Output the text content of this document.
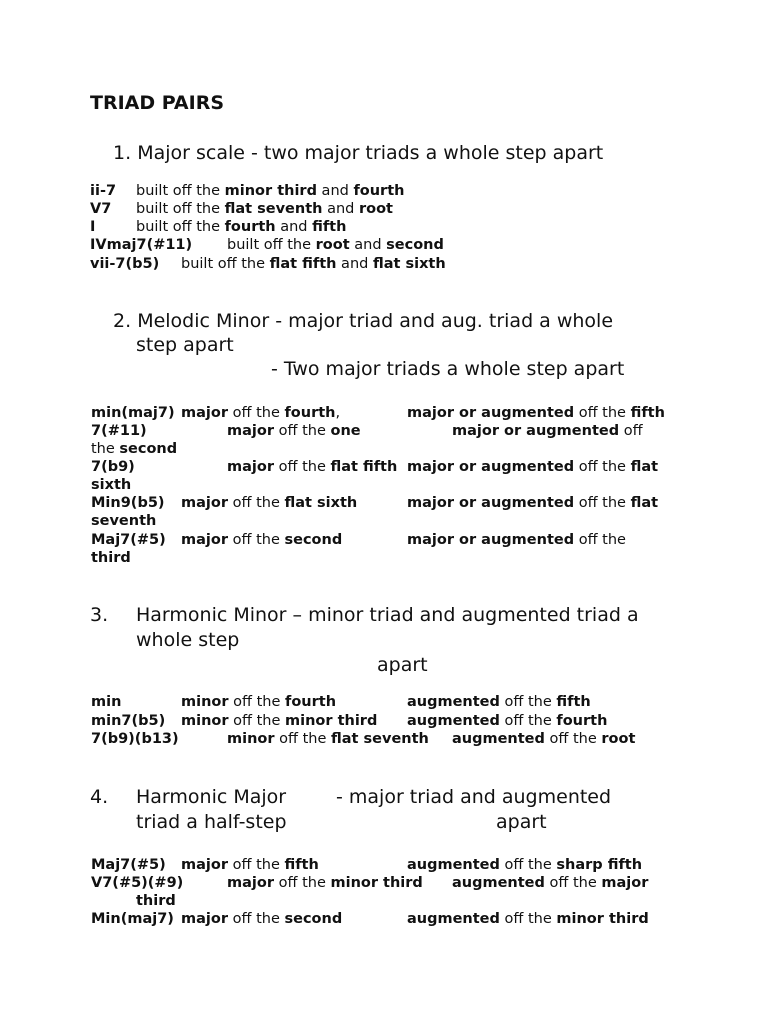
TRIAD PAIRS
1. Major scale - two major triads a whole step apart
ii-7 built off the minor third and fourth
V7 built off the flat seventh and root
I	built off the fourth and fifth
IVmaj7(#11) built off the root and second
vii-7(b5) built off the flat fifth and flat sixth
2. Melodic Minor - major triad and aug. triad a whole
step apart
- Two major triads a whole step apart
min(maj7) major off the fourth,	major or augmented off the fifth
7(#11)	major off the one	major or augmented off
the second
7(b9)	major off the flat fifth major or augmented off the flat
sixth
Min9(b5) major off the flat sixth	major or augmented off the flat
seventh
Maj7(#5) major off the second	major or augmented off the
third
3. Harmonic Minor – minor triad and augmented triad a
whole step
apart
min	minor off the fourth	augmented off the fifth
min7(b5) minor off the minor third augmented off the fourth
7(b9)(b13)	minor off the flat seventh augmented off the root
4. Harmonic Major	- major triad and augmented
triad a half-step	apart
Maj7(#5) major off the fifth	augmented off the sharp fifth
V7(#5)(#9)	major off the minor third augmented off the major
third
Min(maj7) major off the second	augmented off the minor third
